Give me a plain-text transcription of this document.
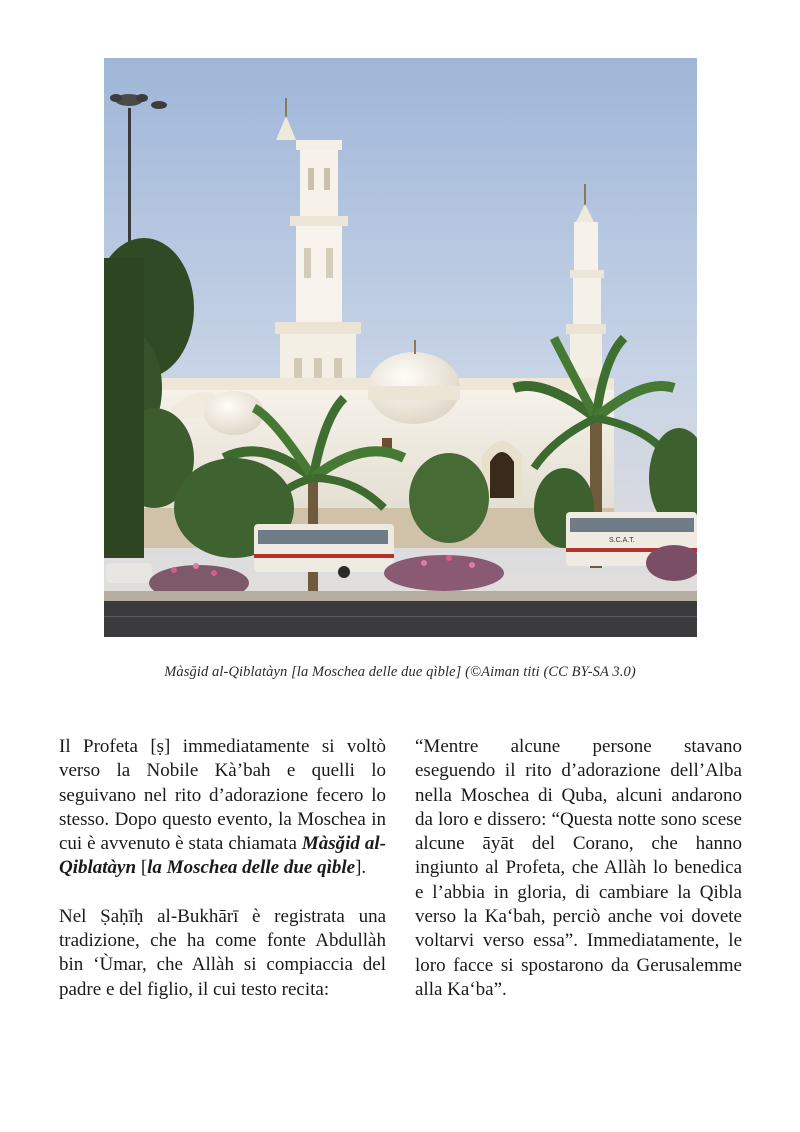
S.C.A.T.
Màsğid al-Qiblatàyn [la Moschea delle due qìble] (©Aiman titi (CC BY-SA 3.0)

Il Profeta [ṣ] immediatamente si voltò verso la Nobile Kà’bah e quelli lo seguivano nel rito d’adorazione fecero lo stesso. Dopo questo evento, la Moschea in cui è avvenuto è stata chiamata Màsğid al-Qiblatàyn [la Moschea delle due qìble].

Nel Ṣaḥīḥ al-Bukhārī è registrata una tradizione, che ha come fonte Abdullàh bin ‘Ùmar, che Allàh si compiaccia del padre e del figlio, il cui testo recita:

“Mentre alcune persone stavano eseguendo il rito d’adorazione dell’Alba nella Moschea di Quba, alcuni andarono da loro e dissero: “Questa notte sono scese alcune āyāt del Corano, che hanno ingiunto al Profeta, che Allàh lo benedica e l’abbia in gloria, di cambiare la Qibla verso la Kaʻbah, perciò anche voi dovete voltarvi verso essa”. Immediatamente, le loro facce si spostarono da Gerusalemme alla Kaʻba”.
